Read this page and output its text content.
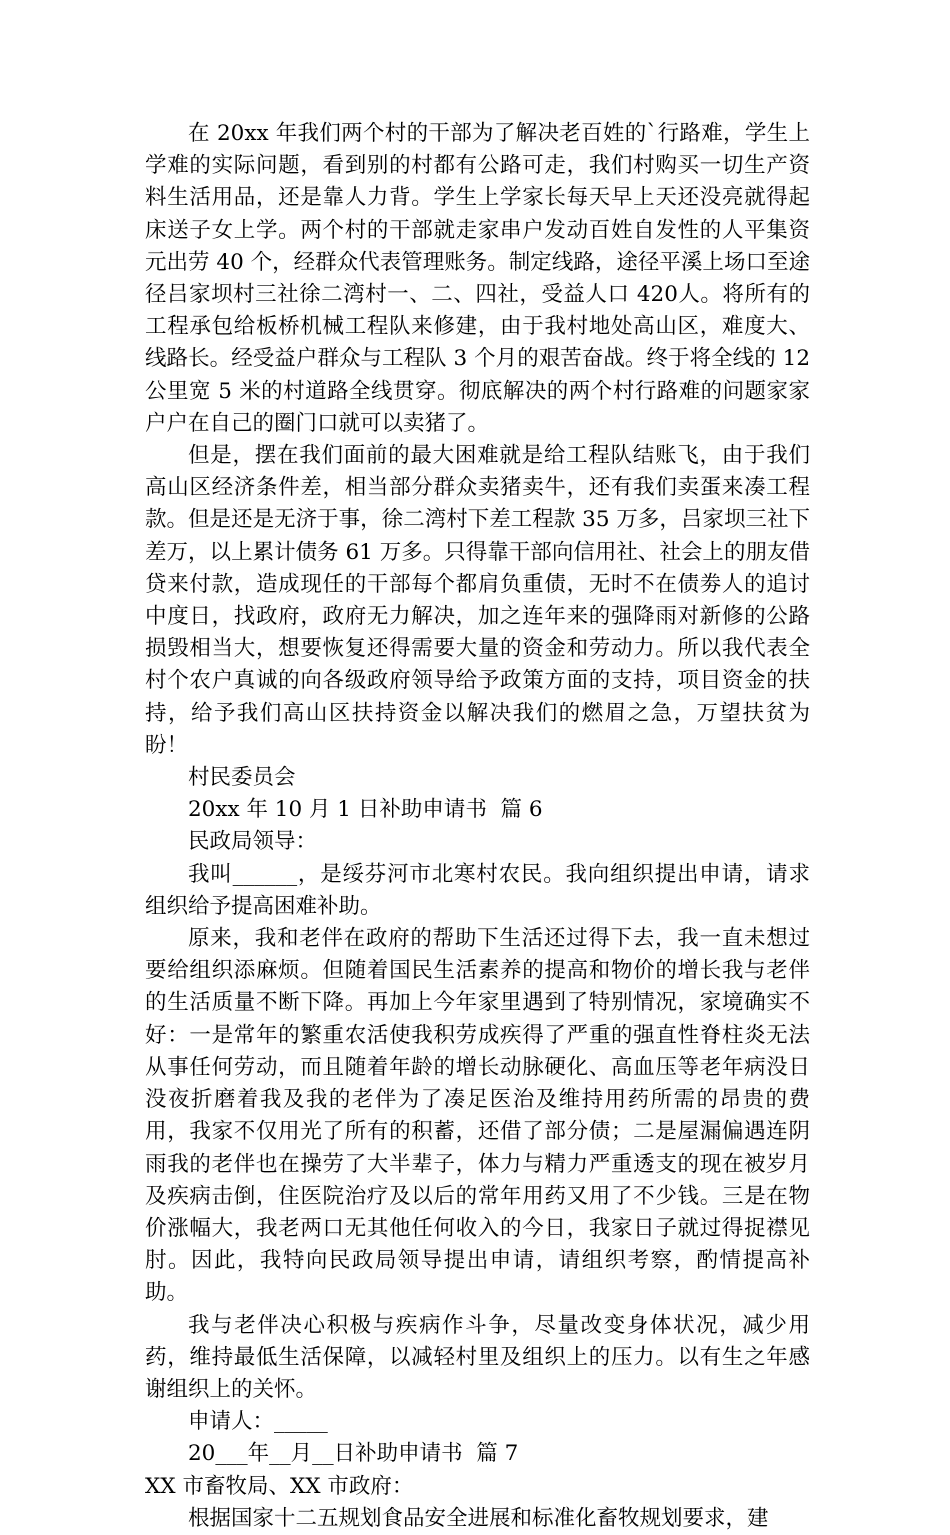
在 20xx 年我们两个村的干部为了解决老百姓的`行路难，学生上学难的实际问题，看到别的村都有公路可走，我们村购买一切生产资料生活用品，还是靠人力背。学生上学家长每天早上天还没亮就得起床送子女上学。两个村的干部就走家串户发动百姓自发性的人平集资元出劳 40 个，经群众代表管理账务。制定线路，途径平溪上场口至途径吕家坝村三社徐二湾村一、二、四社，受益人口 420人。将所有的工程承包给板桥机械工程队来修建，由于我村地处高山区，难度大、线路长。经受益户群众与工程队 3 个月的艰苦奋战。终于将全线的 12 公里宽 5 米的村道路全线贯穿。彻底解决的两个村行路难的问题家家户户在自己的圈门口就可以卖猪了。

但是，摆在我们面前的最大困难就是给工程队结账飞，由于我们高山区经济条件差，相当部分群众卖猪卖牛，还有我们卖蛋来凑工程款。但是还是无济于事，徐二湾村下差工程款 35 万多，吕家坝三社下差万，以上累计债务 61 万多。只得靠干部向信用社、社会上的朋友借贷来付款，造成现任的干部每个都肩负重债，无时不在债劵人的追讨中度日，找政府，政府无力解决，加之连年来的强降雨对新修的公路损毁相当大，想要恢复还得需要大量的资金和劳动力。所以我代表全村个农户真诚的向各级政府领导给予政策方面的支持，项目资金的扶持，给予我们高山区扶持资金以解决我们的燃眉之急，万望扶贫为盼！

村民委员会

20xx 年 10 月 1 日补助申请书  篇 6

民政局领导：

我叫______，是绥芬河市北寒村农民。我向组织提出申请，请求组织给予提高困难补助。

原来，我和老伴在政府的帮助下生活还过得下去，我一直未想过要给组织添麻烦。但随着国民生活素养的提高和物价的增长我与老伴的生活质量不断下降。再加上今年家里遇到了特别情况，家境确实不好：一是常年的繁重农活使我积劳成疾得了严重的强直性脊柱炎无法从事任何劳动，而且随着年龄的增长动脉硬化、高血压等老年病没日没夜折磨着我及我的老伴为了凑足医治及维持用药所需的昂贵的费用，我家不仅用光了所有的积蓄，还借了部分债；二是屋漏偏遇连阴雨我的老伴也在操劳了大半辈子，体力与精力严重透支的现在被岁月及疾病击倒，住医院治疗及以后的常年用药又用了不少钱。三是在物价涨幅大，我老两口无其他任何收入的今日，我家日子就过得捉襟见肘。因此，我特向民政局领导提出申请，请组织考察，酌情提高补助。

我与老伴决心积极与疾病作斗争，尽量改变身体状况，减少用药，维持最低生活保障，以减轻村里及组织上的压力。以有生之年感谢组织上的关怀。

申请人：_____

20___年__月__日补助申请书  篇 7

XX 市畜牧局、XX 市政府：

根据国家十二五规划食品安全进展和标准化畜牧规划要求，建
